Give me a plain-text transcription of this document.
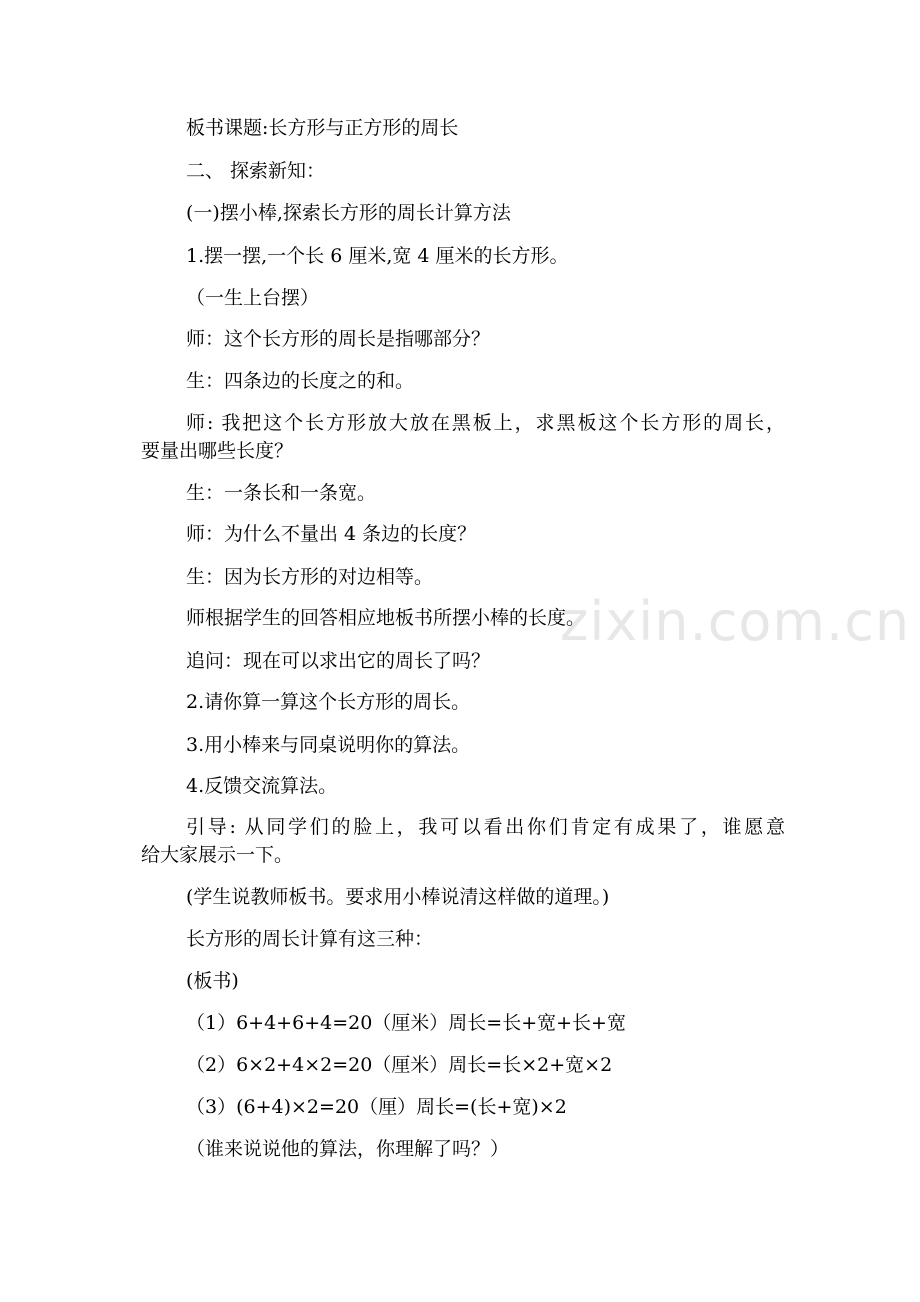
板书课题:长方形与正方形的周长
二、 探索新知：
(一)摆小棒,探索长方形的周长计算方法
1.摆一摆,一个长 6 厘米,宽 4 厘米的长方形。
（一生上台摆）
师：这个长方形的周长是指哪部分？
生：四条边的长度之的和。
师: 我把这个长方形放大放在黑板上，求黑板这个长方形的周长，
要量出哪些长度？
生：一条长和一条宽。
师：为什么不量出 4 条边的长度？
生：因为长方形的对边相等。
师根据学生的回答相应地板书所摆小棒的长度。
追问：现在可以求出它的周长了吗？
2.请你算一算这个长方形的周长。
3.用小棒来与同桌说明你的算法。
4.反馈交流算法。
引导: 从同学们的脸上，我可以看出你们肯定有成果了，谁愿意
给大家展示一下。
(学生说教师板书。要求用小棒说清这样做的道理。)
长方形的周长计算有这三种：
(板书)
（1）6+4+6+4=20（厘米）周长=长+宽+长+宽
（2）6×2+4×2=20（厘米）周长=长×2+宽×2
（3）(6+4)×2=20（厘）周长=(长+宽)×2
（谁来说说他的算法，你理解了吗？）
zixin.com.cn
